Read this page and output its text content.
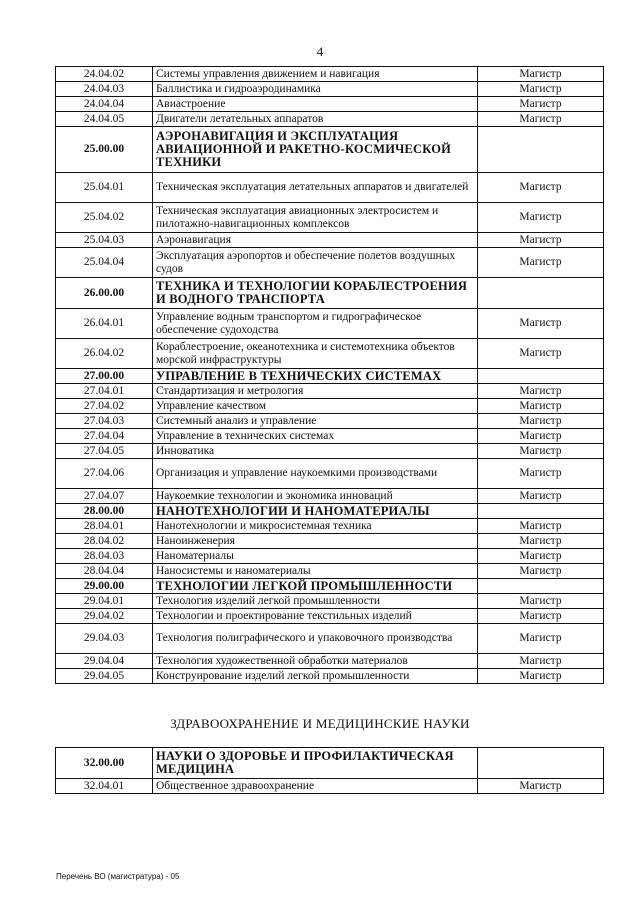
4
24.04.02	Системы управления движением и навигация	Магистр
24.04.03	Баллистика и гидроаэродинамика	Магистр
24.04.04	Авиастроение	Магистр
24.04.05	Двигатели летательных аппаратов	Магистр
25.00.00	АЭРОНАВИГАЦИЯ И ЭКСПЛУАТАЦИЯ АВИАЦИОННОЙ И РАКЕТНО-КОСМИЧЕСКОЙ ТЕХНИКИ	
25.04.01	Техническая эксплуатация летательных аппаратов и двигателей	Магистр
25.04.02	Техническая эксплуатация авиационных электросистем и пилотажно-навигационных комплексов	Магистр
25.04.03	Аэронавигация	Магистр
25.04.04	Эксплуатация аэропортов и обеспечение полетов воздушных судов	Магистр
26.00.00	ТЕХНИКА И ТЕХНОЛОГИИ КОРАБЛЕСТРОЕНИЯ И ВОДНОГО ТРАНСПОРТА	
26.04.01	Управление водным транспортом и гидрографическое обеспечение судоходства	Магистр
26.04.02	Кораблестроение, океанотехника и системотехника объектов морской инфраструктуры	Магистр
27.00.00	УПРАВЛЕНИЕ В ТЕХНИЧЕСКИХ СИСТЕМАХ	
27.04.01	Стандартизация и метрология	Магистр
27.04.02	Управление качеством	Магистр
27.04.03	Системный анализ и управление	Магистр
27.04.04	Управление в технических системах	Магистр
27.04.05	Инноватика	Магистр
27.04.06	Организация и управление наукоемкими производствами	Магистр
27.04.07	Наукоемкие технологии и экономика инноваций	Магистр
28.00.00	НАНОТЕХНОЛОГИИ И НАНОМАТЕРИАЛЫ	
28.04.01	Нанотехнологии и микросистемная техника	Магистр
28.04.02	Наноинженерия	Магистр
28.04.03	Наноматериалы	Магистр
28.04.04	Наносистемы и наноматериалы	Магистр
29.00.00	ТЕХНОЛОГИИ ЛЕГКОЙ ПРОМЫШЛЕННОСТИ	
29.04.01	Технология изделий легкой промышленности	Магистр
29.04.02	Технологии и проектирование текстильных изделий	Магистр
29.04.03	Технология полиграфического и упаковочного производства	Магистр
29.04.04	Технология художественной обработки материалов	Магистр
29.04.05	Конструирование изделий легкой промышленности	Магистр
ЗДРАВООХРАНЕНИЕ И МЕДИЦИНСКИЕ НАУКИ
32.00.00	НАУКИ О ЗДОРОВЬЕ И ПРОФИЛАКТИЧЕСКАЯ МЕДИЦИНА	
32.04.01	Общественное здравоохранение	Магистр
Перечень ВО (магистратура) - 05
